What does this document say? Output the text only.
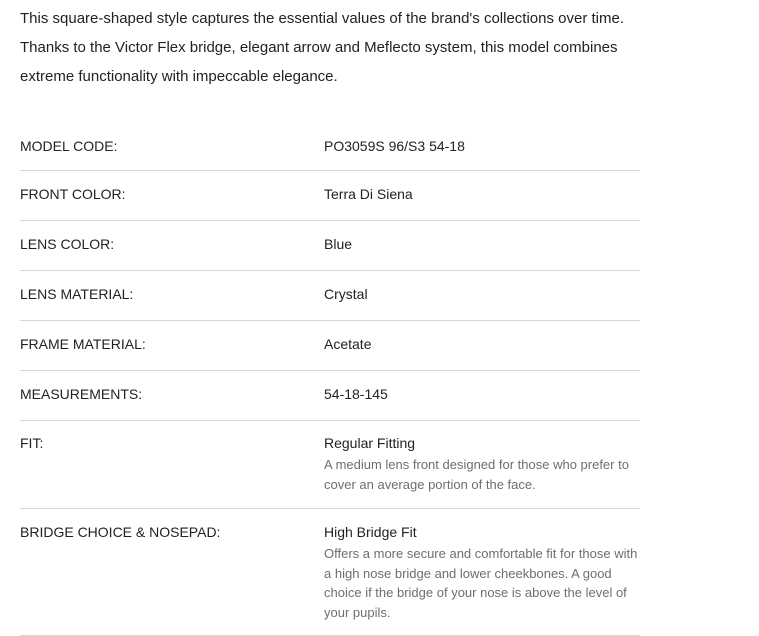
This square-shaped style captures the essential values of the brand's collections over time. Thanks to the Victor Flex bridge, elegant arrow and Meflecto system, this model combines extreme functionality with impeccable elegance.

MODEL CODE:	PO3059S 96/S3 54-18
FRONT COLOR:	Terra Di Siena
LENS COLOR:	Blue
LENS MATERIAL:	Crystal
FRAME MATERIAL:	Acetate
MEASUREMENTS:	54-18-145
FIT:	Regular Fitting
A medium lens front designed for those who prefer to cover an average portion of the face.
BRIDGE CHOICE & NOSEPAD:	High Bridge Fit
Offers a more secure and comfortable fit for those with a high nose bridge and lower cheekbones. A good choice if the bridge of your nose is above the level of your pupils.
